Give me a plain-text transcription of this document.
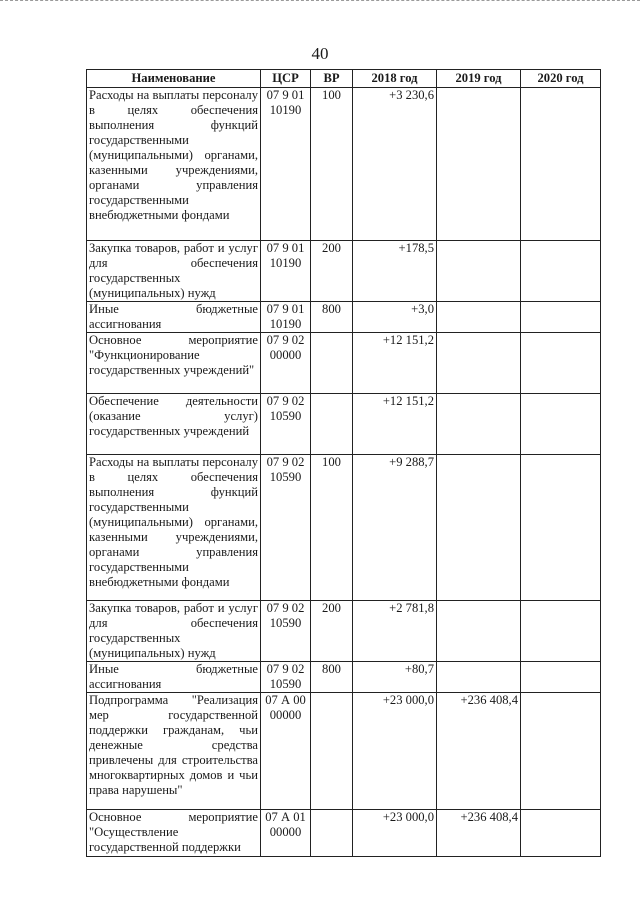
40
Наименование	ЦСР	ВР	2018 год	2019 год	2020 год
Расходы на выплаты персоналу в целях обеспечения выполнения функций государственными (муниципальными) органами, казенными учреждениями, органами управления государственными внебюджетными фондами	07 9 01 10190	100	+3 230,6		
Закупка товаров, работ и услуг для обеспечения государственных (муниципальных) нужд	07 9 01 10190	200	+178,5		
Иные бюджетные ассигнования	07 9 01 10190	800	+3,0		
Основное мероприятие "Функционирование государственных учреждений"	07 9 02 00000		+12 151,2		
Обеспечение деятельности (оказание услуг) государственных учреждений	07 9 02 10590		+12 151,2		
Расходы на выплаты персоналу в целях обеспечения выполнения функций государственными (муниципальными) органами, казенными учреждениями, органами управления государственными внебюджетными фондами	07 9 02 10590	100	+9 288,7		
Закупка товаров, работ и услуг для обеспечения государственных (муниципальных) нужд	07 9 02 10590	200	+2 781,8		
Иные бюджетные ассигнования	07 9 02 10590	800	+80,7		
Подпрограмма "Реализация мер государственной поддержки гражданам, чьи денежные средства привлечены для строительства многоквартирных домов и чьи права нарушены"	07 А 00 00000		+23 000,0	+236 408,4	
Основное мероприятие "Осуществление государственной поддержки	07 А 01 00000		+23 000,0	+236 408,4	
